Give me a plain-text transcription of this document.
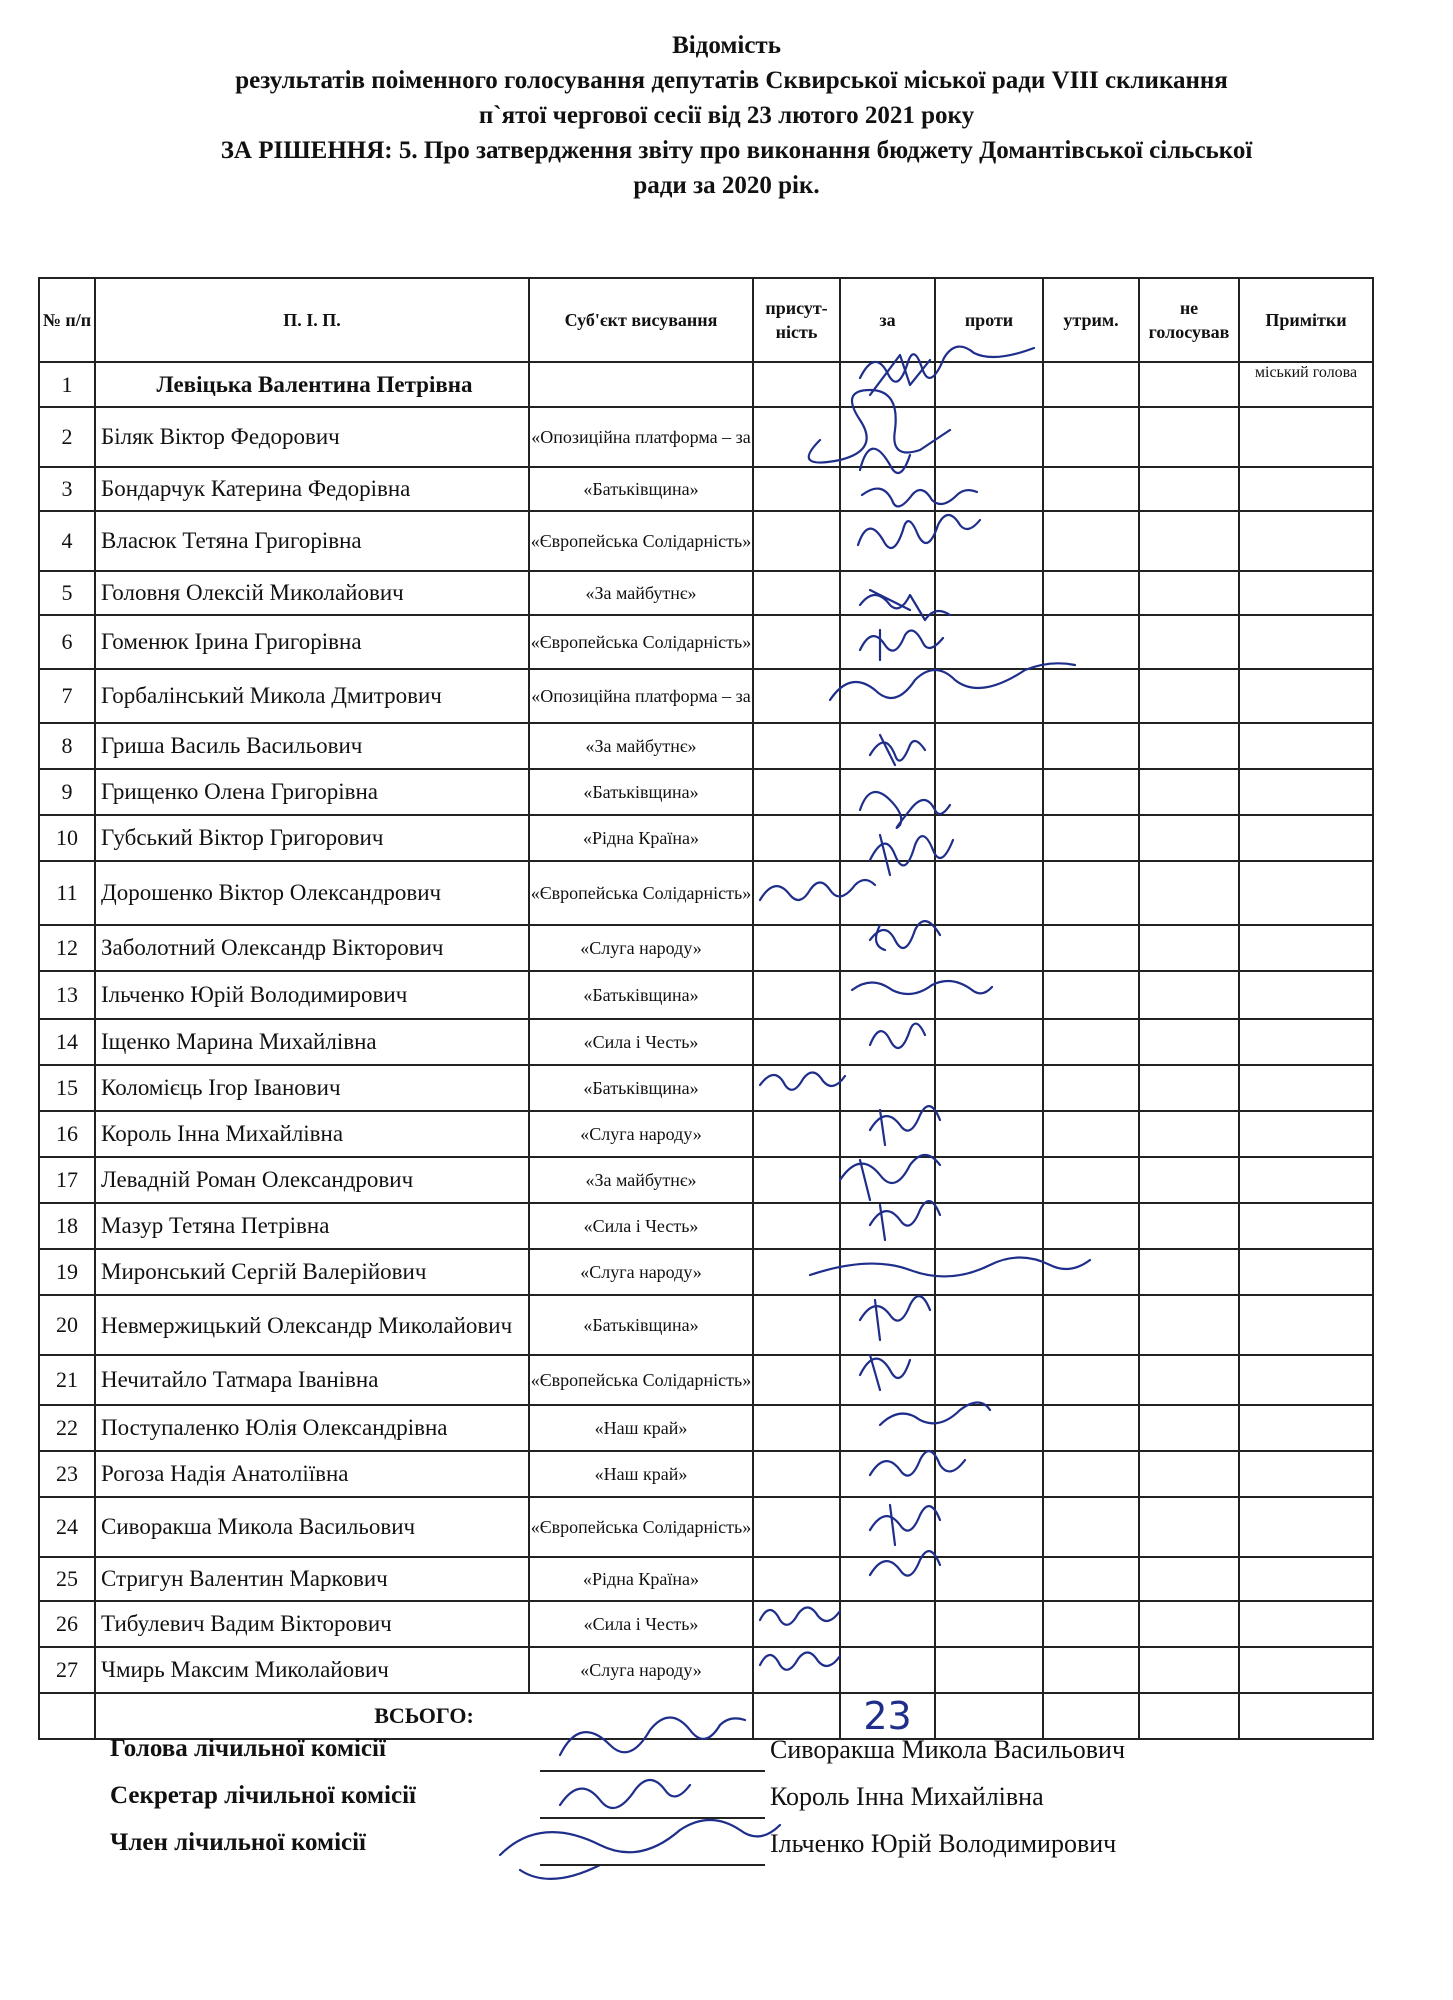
Відомість
результатів поіменного голосування депутатів Сквирської міської ради VIII скликання
п`ятої чергової сесії від 23 лютого 2021 року
ЗА РІШЕННЯ: 5. Про затвердження звіту про виконання бюджету Домантівської сільської
ради за 2020 рік.
№ п/п	П. І. П.	Суб'єкт висування	присут-ність	за	проти	утрим.	не голосував	Примітки
1	Левіцька Валентина Петрівна							міський голова
2	Біляк Віктор Федорович	«Опозиційна платформа – за						
3	Бондарчук Катерина Федорівна	«Батьківщина»						
4	Власюк Тетяна Григорівна	«Європейська Солідарність»						
5	Головня Олексій Миколайович	«За майбутнє»						
6	Гоменюк Ірина Григорівна	«Європейська Солідарність»						
7	Горбалінський Микола Дмитрович	«Опозиційна платформа – за						
8	Гриша Василь Васильович	«За майбутнє»						
9	Грищенко Олена Григорівна	«Батьківщина»						
10	Губський Віктор Григорович	«Рідна Країна»						
11	Дорошенко Віктор Олександрович	«Європейська Солідарність»						
12	Заболотний Олександр Вікторович	«Слуга народу»						
13	Ільченко Юрій Володимирович	«Батьківщина»						
14	Іщенко Марина Михайлівна	«Сила і Честь»						
15	Коломієць Ігор Іванович	«Батьківщина»						
16	Король Інна Михайлівна	«Слуга народу»						
17	Левадній Роман Олександрович	«За майбутнє»						
18	Мазур Тетяна Петрівна	«Сила і Честь»						
19	Миронський Сергій Валерійович	«Слуга народу»						
20	Невмержицький Олександр Миколайович	«Батьківщина»						
21	Нечитайло Татмара Іванівна	«Європейська Солідарність»						
22	Поступаленко Юлія Олександрівна	«Наш край»						
23	Рогоза Надія Анатоліївна	«Наш край»						
24	Сиворакша Микола Васильович	«Європейська Солідарність»						
25	Стригун Валентин Маркович	«Рідна Країна»						
26	Тибулевич Вадим Вікторович	«Сила і Честь»						
27	Чмирь Максим Миколайович	«Слуга народу»						
	ВСЬОГО:			23				
Голова лічильної комісії	Сиворакша Микола Васильович
Секретар лічильної комісії	Король Інна Михайлівна
Член лічильної комісії	Ільченко Юрій Володимирович
